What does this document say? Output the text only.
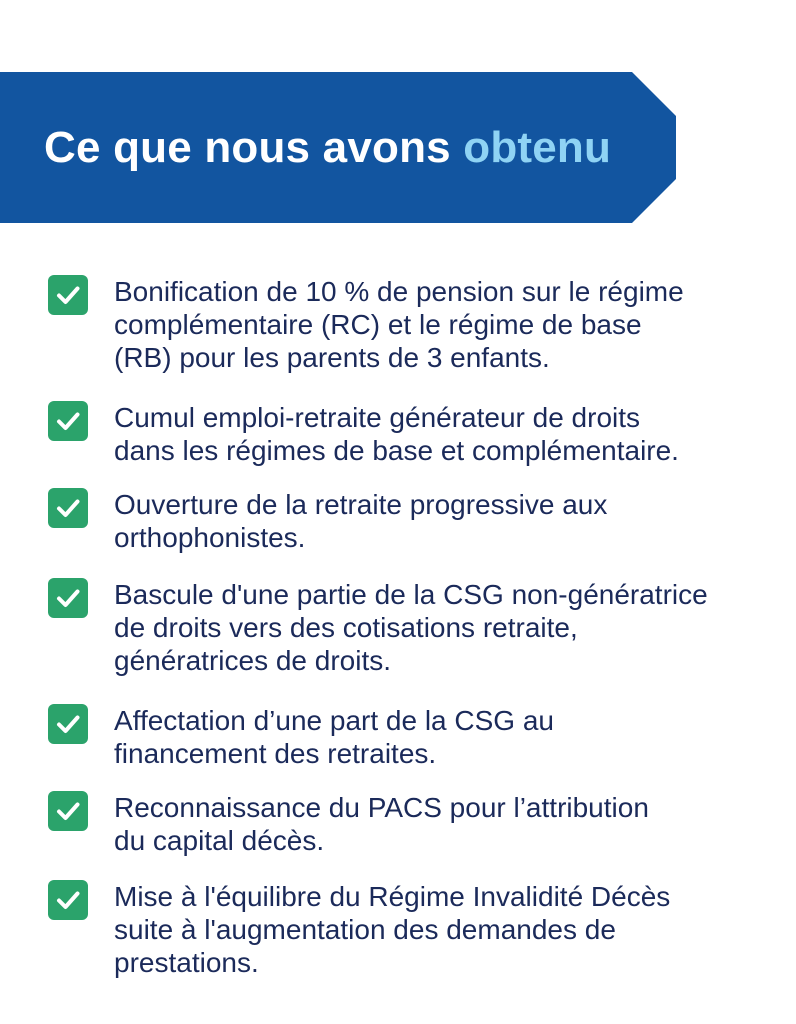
Ce que nous avons obtenu
Bonification de 10 % de pension sur le régime
complémentaire (RC) et le régime de base
(RB) pour les parents de 3 enfants.
Cumul emploi-retraite générateur de droits
dans les régimes de base et complémentaire.
Ouverture de la retraite progressive aux
orthophonistes.
Bascule d'une partie de la CSG non-génératrice
de droits vers des cotisations retraite,
génératrices de droits.
Affectation d’une part de la CSG au
financement des retraites.
Reconnaissance du PACS pour l’attribution
du capital décès.
Mise à l'équilibre du Régime Invalidité Décès
suite à l'augmentation des demandes de
prestations.
